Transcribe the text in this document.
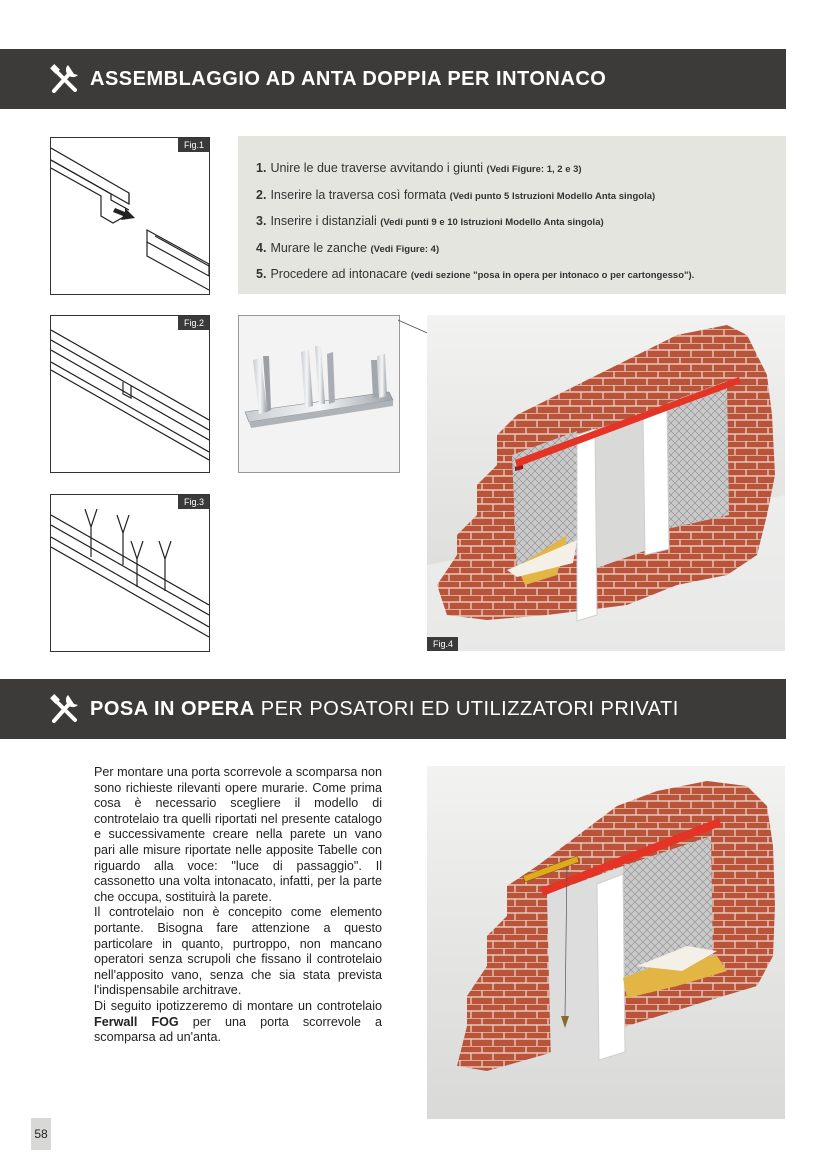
ASSEMBLAGGIO AD ANTA DOPPIA PER INTONACO
Fig.1
Fig.2
Fig.3
1. Unire le due traverse avvitando i giunti (Vedi Figure: 1, 2 e 3)
2. Inserire la traversa così formata (Vedi punto 5 Istruzioni Modello Anta singola)
3. Inserire i distanziali (Vedi punti 9 e 10 Istruzioni Modello Anta singola)
4. Murare le zanche (Vedi Figure: 4)
5. Procedere ad intonacare (vedi sezione "posa in opera per intonaco o per cartongesso").
Fig.4
POSA IN OPERA PER POSATORI ED UTILIZZATORI PRIVATI

Per montare una porta scorrevole a scomparsa non sono richieste rilevanti opere murarie. Come prima cosa è necessario scegliere il modello di controtelaio tra quelli riportati nel presente catalogo e successivamente creare nella parete un vano pari alle misure riportate nelle apposite Tabelle con riguardo alla voce: "luce di passaggio". Il cassonetto una volta intonacato, infatti, per la parte che occupa, sostituirà la parete.

Il controtelaio non è concepito come elemento portante. Bisogna fare attenzione a questo particolare in quanto, purtroppo, non mancano operatori senza scrupoli che fissano il controtelaio nell'apposito vano, senza che sia stata prevista l'indispensabile architrave.

Di seguito ipotizzeremo di montare un controtelaio Ferwall FOG per una porta scorrevole a scomparsa ad un'anta.

58
